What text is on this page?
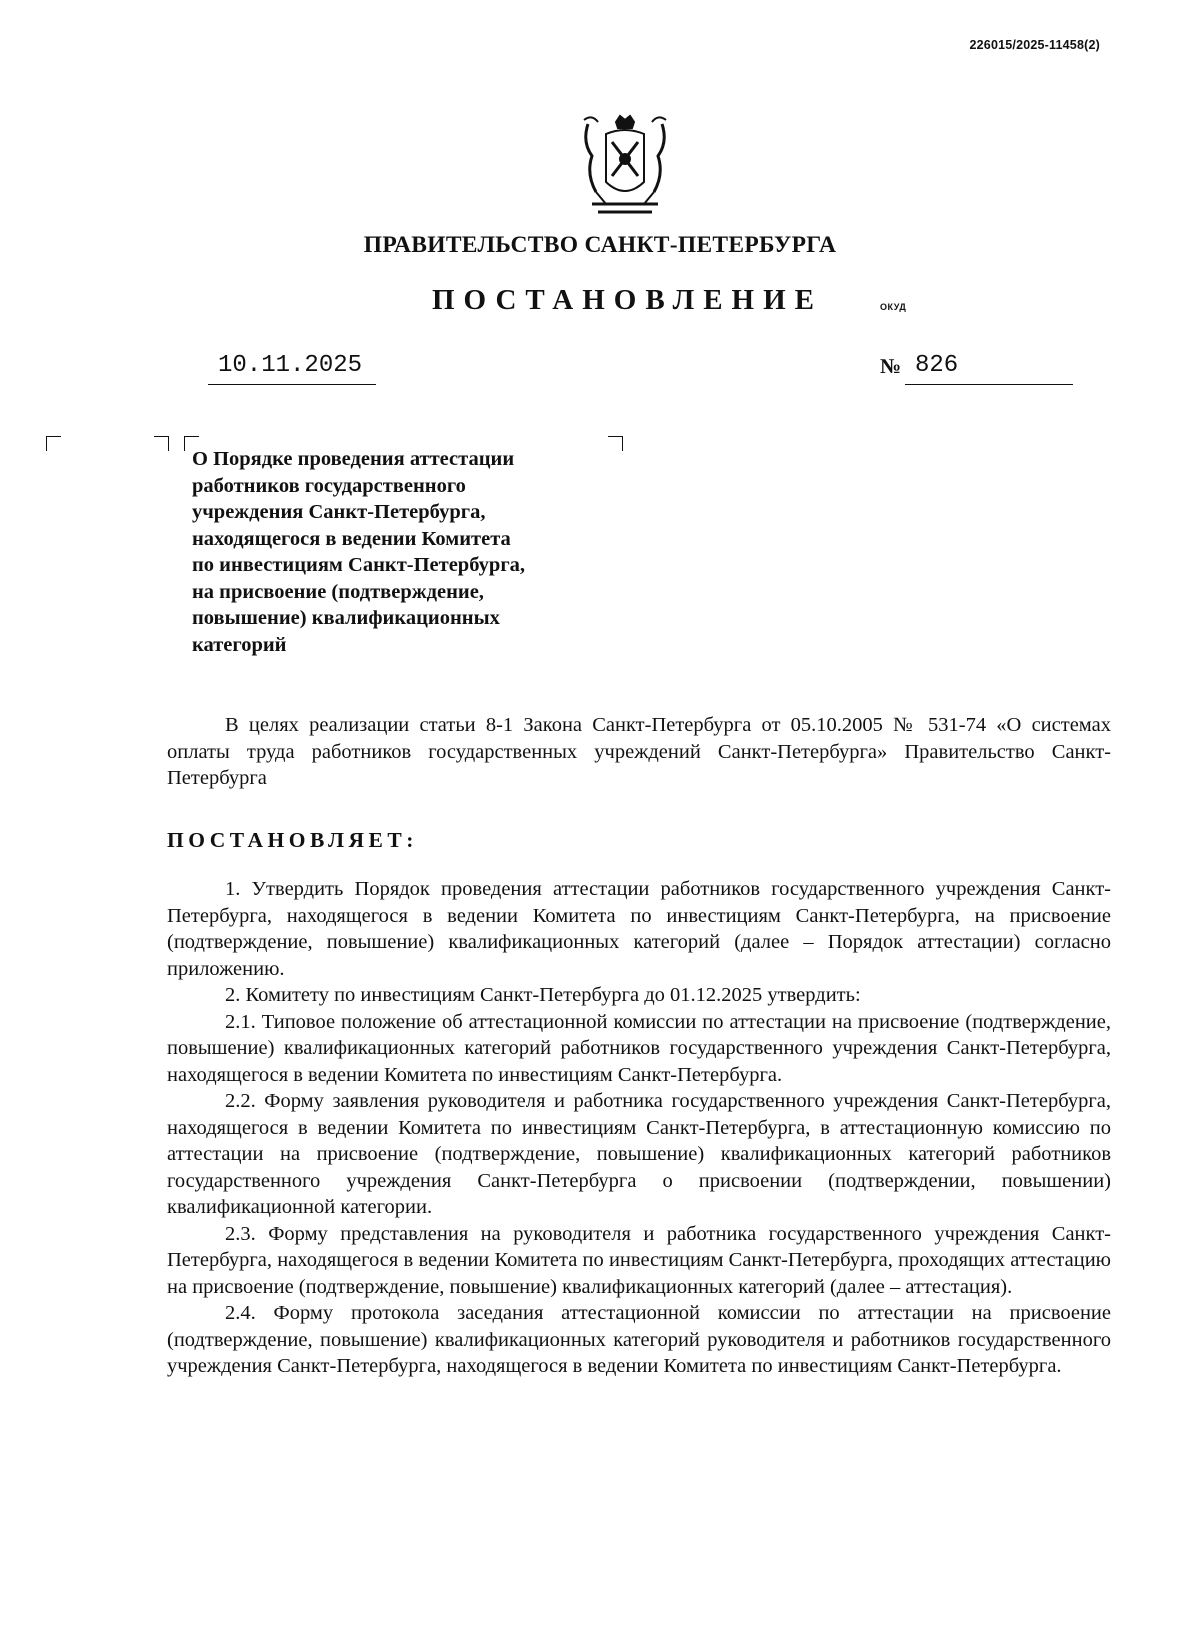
226015/2025-11458(2)
ПРАВИТЕЛЬСТВО САНКТ-ПЕТЕРБУРГА
ПОСТАНОВЛЕНИЕ	ОКУД
10.11.2025	№ 826
О Порядке проведения аттестации
работников государственного
учреждения Санкт-Петербурга,
находящегося в ведении Комитета
по инвестициям Санкт-Петербурга,
на присвоение (подтверждение,
повышение) квалификационных
категорий

В целях реализации статьи 8-1 Закона Санкт-Петербурга от 05.10.2005 № 531-74 «О системах оплаты труда работников государственных учреждений Санкт-Петербурга» Правительство Санкт-Петербурга

ПОСТАНОВЛЯЕТ:

1. Утвердить Порядок проведения аттестации работников государственного учреждения Санкт-Петербурга, находящегося в ведении Комитета по инвестициям Санкт-Петербурга, на присвоение (подтверждение, повышение) квалификационных категорий (далее – Порядок аттестации) согласно приложению.

2. Комитету по инвестициям Санкт-Петербурга до 01.12.2025 утвердить:

2.1. Типовое положение об аттестационной комиссии по аттестации на присвоение (подтверждение, повышение) квалификационных категорий работников государственного учреждения Санкт-Петербурга, находящегося в ведении Комитета по инвестициям Санкт-Петербурга.

2.2. Форму заявления руководителя и работника государственного учреждения Санкт-Петербурга, находящегося в ведении Комитета по инвестициям Санкт-Петербурга, в аттестационную комиссию по аттестации на присвоение (подтверждение, повышение) квалификационных категорий работников государственного учреждения Санкт-Петербурга о присвоении (подтверждении, повышении) квалификационной категории.

2.3. Форму представления на руководителя и работника государственного учреждения Санкт-Петербурга, находящегося в ведении Комитета по инвестициям Санкт-Петербурга, проходящих аттестацию на присвоение (подтверждение, повышение) квалификационных категорий (далее – аттестация).

2.4. Форму протокола заседания аттестационной комиссии по аттестации на присвоение (подтверждение, повышение) квалификационных категорий руководителя и работников государственного учреждения Санкт-Петербурга, находящегося в ведении Комитета по инвестициям Санкт-Петербурга.
